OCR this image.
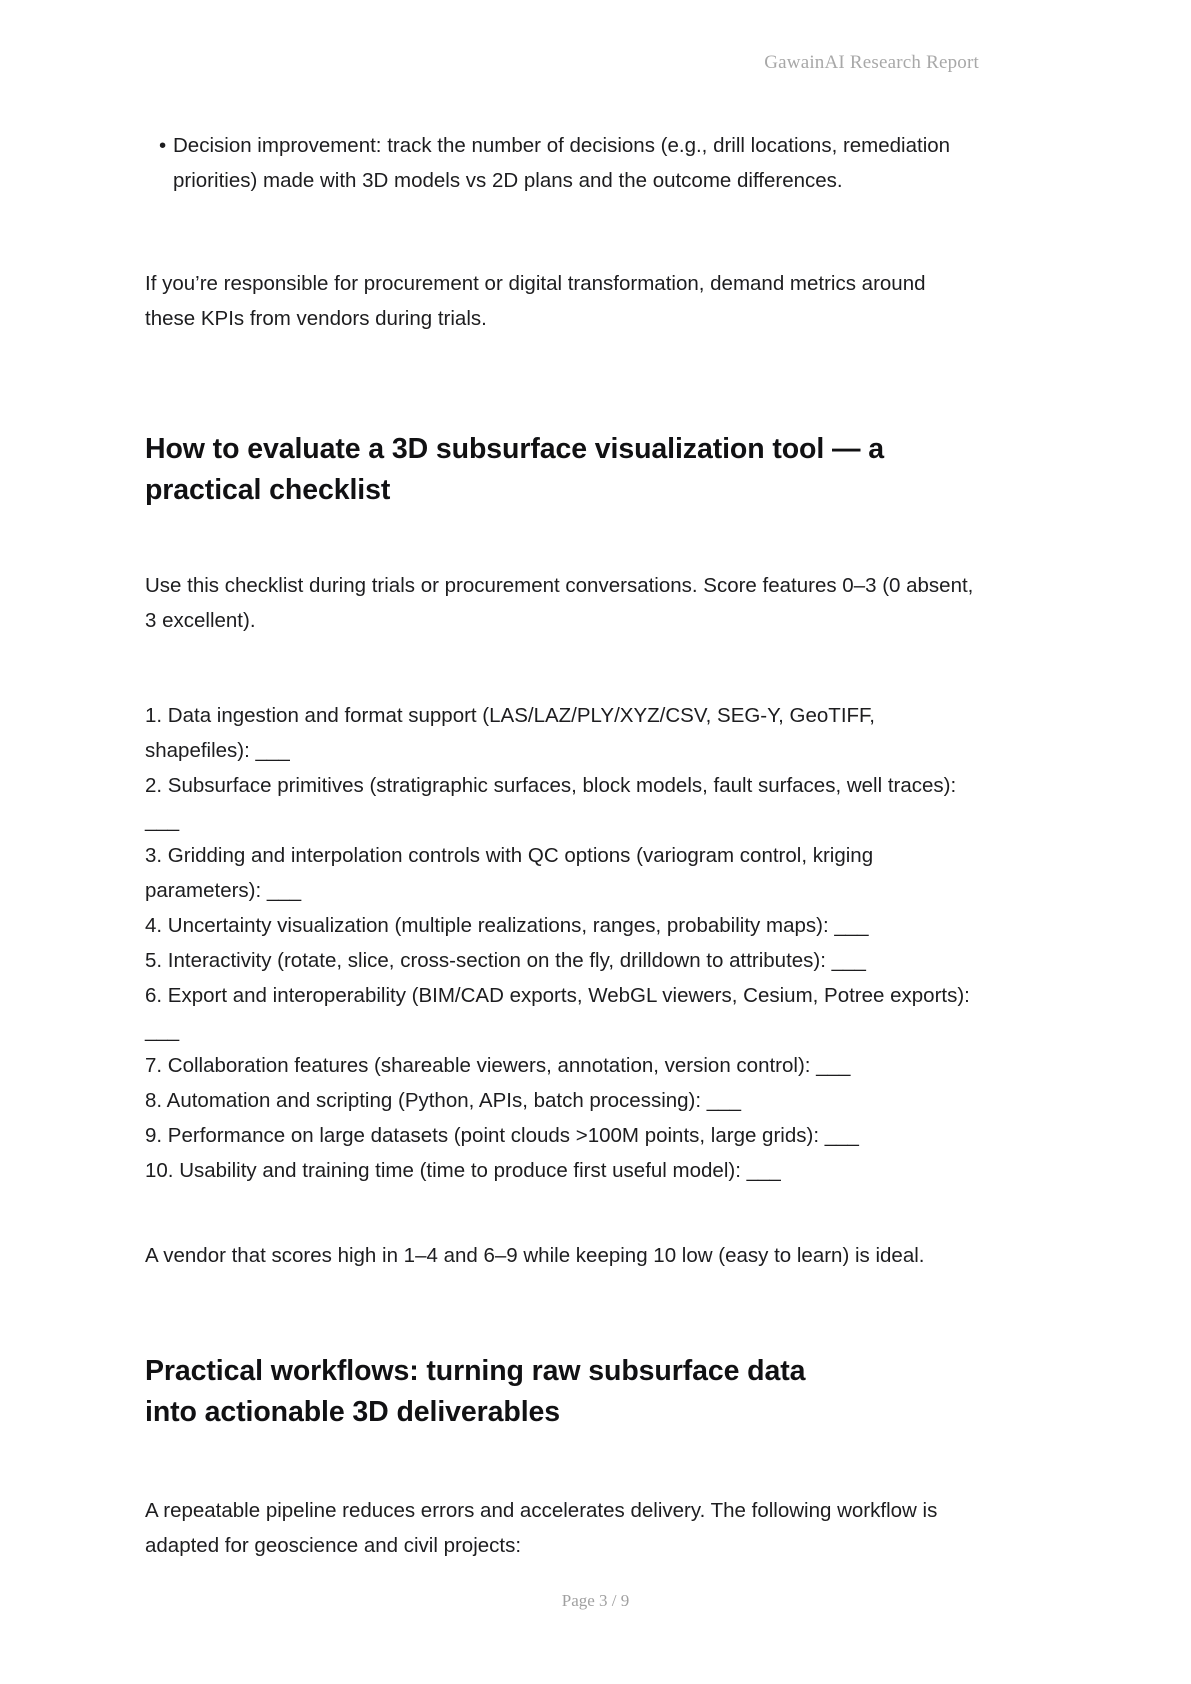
GawainAI Research Report
• Decision improvement: track the number of decisions (e.g., drill locations, remediation priorities) made with 3D models vs 2D plans and the outcome differences.

If you’re responsible for procurement or digital transformation, demand metrics around these KPIs from vendors during trials.

How to evaluate a 3D subsurface visualization tool — a practical checklist

Use this checklist during trials or procurement conversations. Score features 0–3 (0 absent, 3 excellent).

1. Data ingestion and format support (LAS/LAZ/PLY/XYZ/CSV, SEG-Y, GeoTIFF, shapefiles): ___
2. Subsurface primitives (stratigraphic surfaces, block models, fault surfaces, well traces): ___
3. Gridding and interpolation controls with QC options (variogram control, kriging parameters): ___
4. Uncertainty visualization (multiple realizations, ranges, probability maps): ___
5. Interactivity (rotate, slice, cross-section on the fly, drilldown to attributes): ___
6. Export and interoperability (BIM/CAD exports, WebGL viewers, Cesium, Potree exports): ___
7. Collaboration features (shareable viewers, annotation, version control): ___
8. Automation and scripting (Python, APIs, batch processing): ___
9. Performance on large datasets (point clouds >100M points, large grids): ___
10. Usability and training time (time to produce first useful model): ___

A vendor that scores high in 1–4 and 6–9 while keeping 10 low (easy to learn) is ideal.

Practical workflows: turning raw subsurface data into actionable 3D deliverables

A repeatable pipeline reduces errors and accelerates delivery. The following workflow is adapted for geoscience and civil projects:

Page 3 / 9
